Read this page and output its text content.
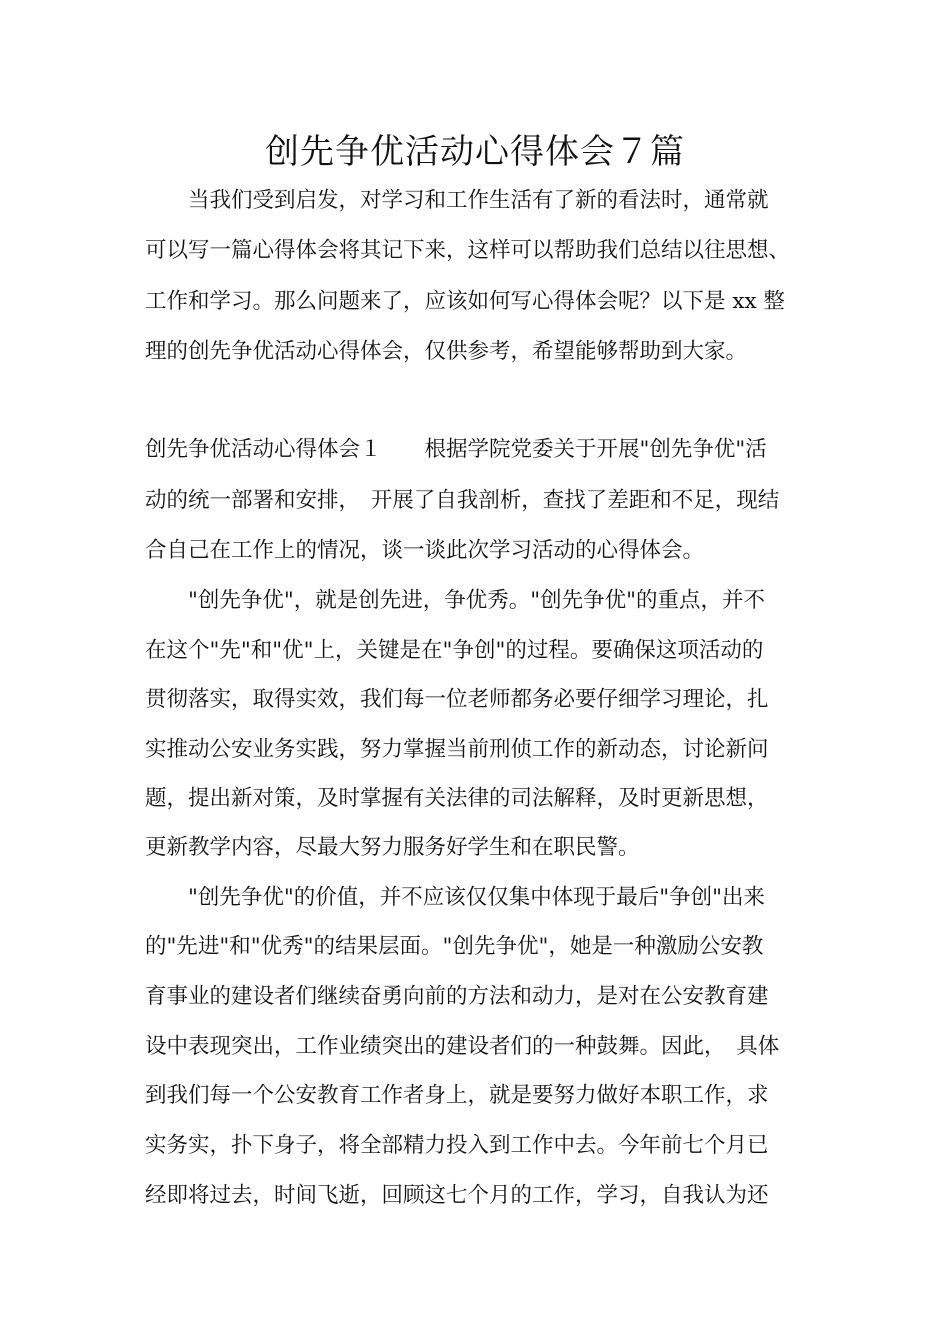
创先争优活动心得体会７篇

　　当我们受到启发，对学习和工作生活有了新的看法时，通常就

可以写一篇心得体会将其记下来，这样可以帮助我们总结以往思想、

工作和学习。那么问题来了，应该如何写心得体会呢？以下是 xx 整

理的创先争优活动心得体会，仅供参考，希望能够帮助到大家。

创先争优活动心得体会１　　根据学院党委关于开展"创先争优"活

动的统一部署和安排，　开展了自我剖析，查找了差距和不足，现结

合自己在工作上的情况，谈一谈此次学习活动的心得体会。

　　"创先争优"，就是创先进，争优秀。"创先争优"的重点，并不

在这个"先"和"优"上，关键是在"争创"的过程。要确保这项活动的

贯彻落实，取得实效，我们每一位老师都务必要仔细学习理论，扎

实推动公安业务实践，努力掌握当前刑侦工作的新动态，讨论新问

题，提出新对策，及时掌握有关法律的司法解释，及时更新思想，

更新教学内容，尽最大努力服务好学生和在职民警。

　　"创先争优"的价值，并不应该仅仅集中体现于最后"争创"出来

的"先进"和"优秀"的结果层面。"创先争优"，她是一种激励公安教

育事业的建设者们继续奋勇向前的方法和动力，是对在公安教育建

设中表现突出，工作业绩突出的建设者们的一种鼓舞。因此，　具体

到我们每一个公安教育工作者身上，就是要努力做好本职工作，求

实务实，扑下身子，将全部精力投入到工作中去。今年前七个月已

经即将过去，时间飞逝，回顾这七个月的工作，学习，自我认为还
